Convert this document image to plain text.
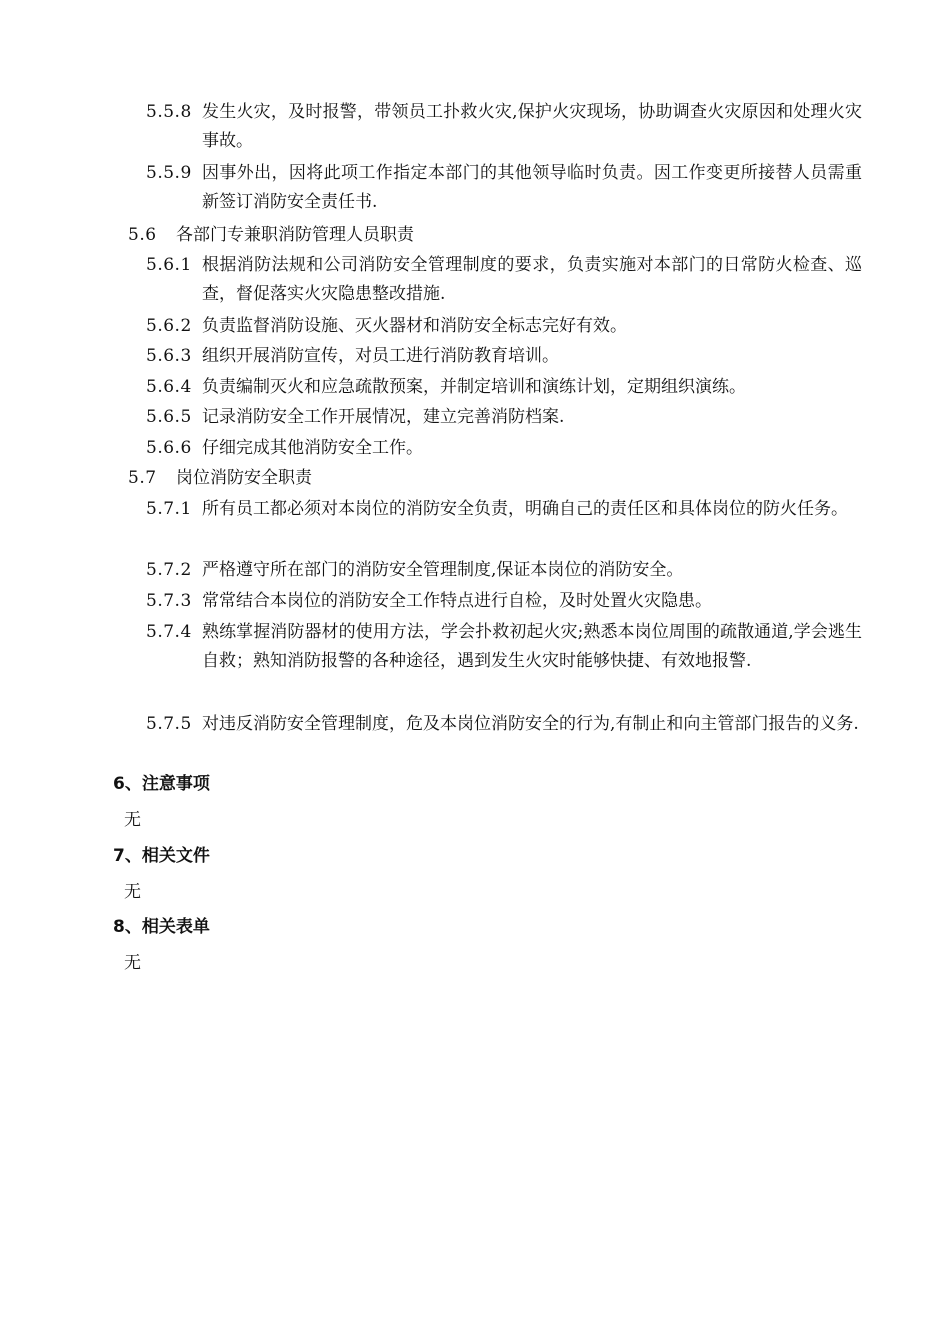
5.5.8 发生火灾，及时报警，带领员工扑救火灾,保护火灾现场，协助调查火灾原因和处理火灾事故。
5.5.9 因事外出，因将此项工作指定本部门的其他领导临时负责。因工作变更所接替人员需重新签订消防安全责任书.
5.6 各部门专兼职消防管理人员职责
5.6.1 根据消防法规和公司消防安全管理制度的要求，负责实施对本部门的日常防火检查、巡查，督促落实火灾隐患整改措施.
5.6.2 负责监督消防设施、灭火器材和消防安全标志完好有效。
5.6.3 组织开展消防宣传，对员工进行消防教育培训。
5.6.4 负责编制灭火和应急疏散预案，并制定培训和演练计划，定期组织演练。
5.6.5 记录消防安全工作开展情况，建立完善消防档案.
5.6.6 仔细完成其他消防安全工作。
5.7 岗位消防安全职责
5.7.1 所有员工都必须对本岗位的消防安全负责，明确自己的责任区和具体岗位的防火任务。
5.7.2 严格遵守所在部门的消防安全管理制度,保证本岗位的消防安全。
5.7.3 常常结合本岗位的消防安全工作特点进行自检，及时处置火灾隐患。
5.7.4 熟练掌握消防器材的使用方法，学会扑救初起火灾;熟悉本岗位周围的疏散通道,学会逃生自救；熟知消防报警的各种途径，遇到发生火灾时能够快捷、有效地报警.
5.7.5 对违反消防安全管理制度，危及本岗位消防安全的行为,有制止和向主管部门报告的义务.
6、注意事项
无
7、相关文件
无
8、相关表单
无
